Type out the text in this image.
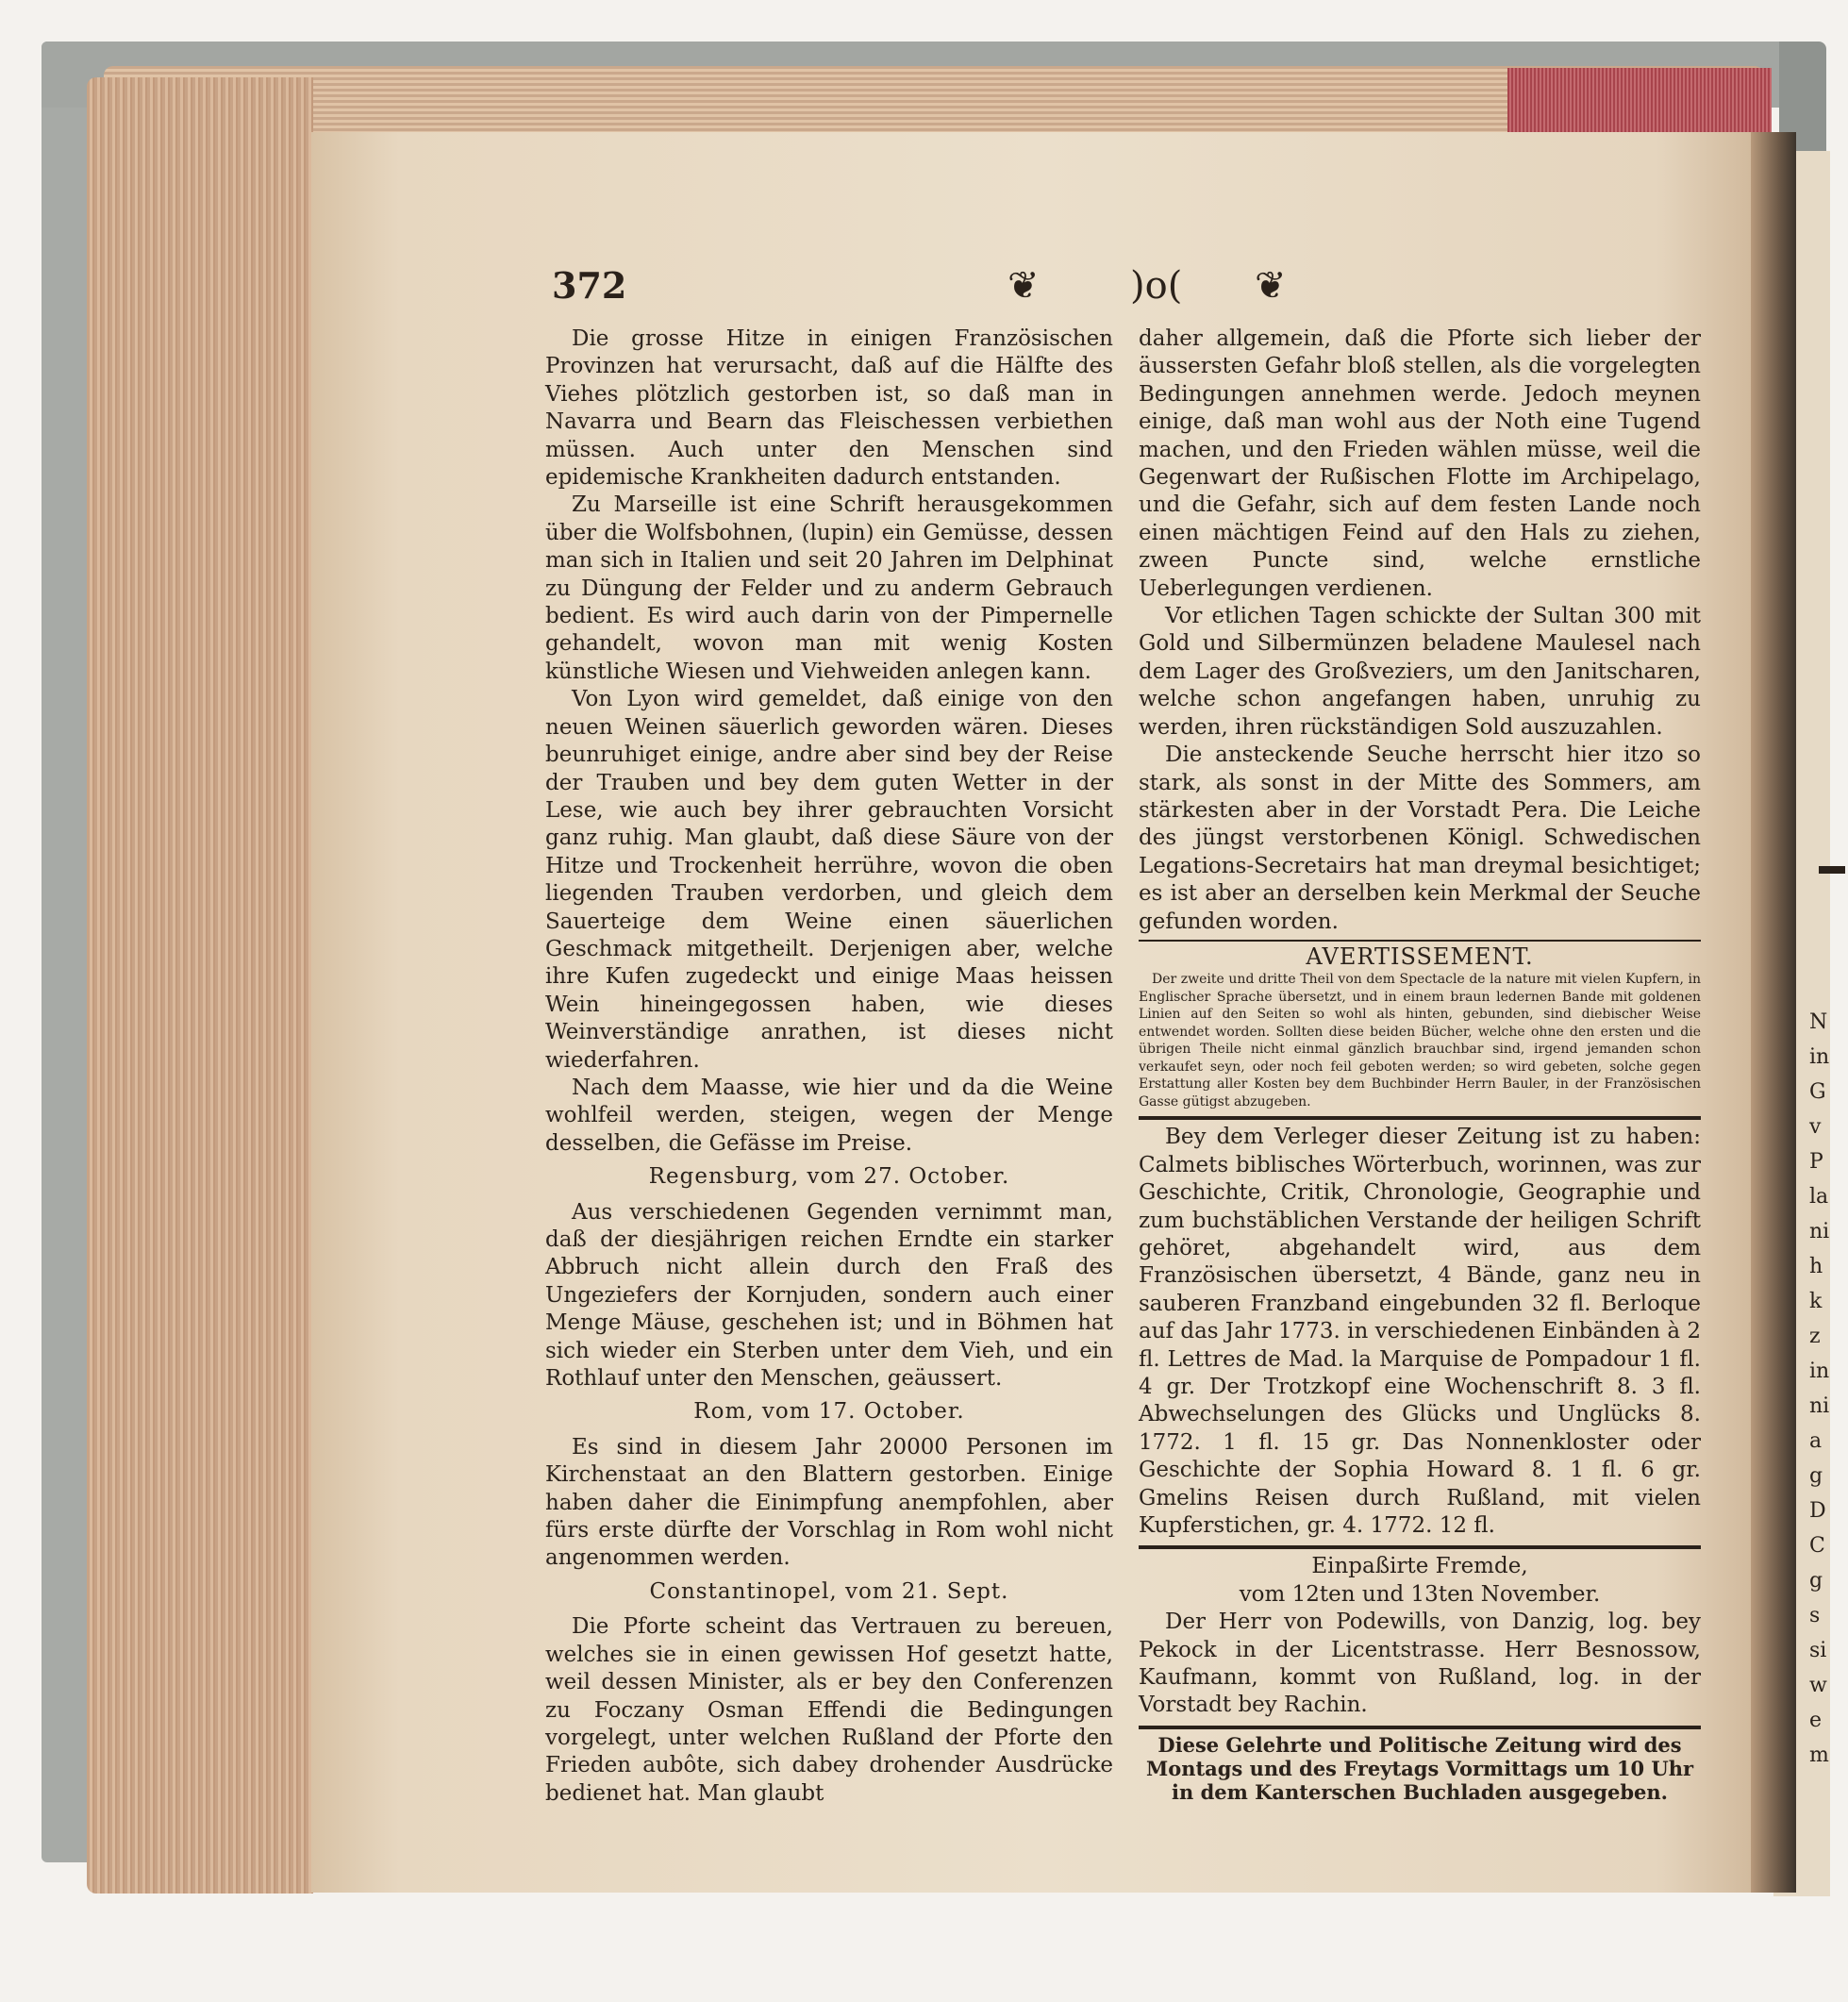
372	❦ )o( ❦

Die grosse Hitze in einigen Französischen Provinzen hat verursacht, daß auf die Hälfte des Viehes plötzlich gestorben ist, so daß man in Navarra und Bearn das Fleischessen verbiethen müssen. Auch unter den Menschen sind epidemische Krankheiten dadurch entstanden.

Zu Marseille ist eine Schrift herausgekommen über die Wolfsbohnen, (lupin) ein Gemüsse, dessen man sich in Italien und seit 20 Jahren im Delphinat zu Düngung der Felder und zu anderm Gebrauch bedient. Es wird auch darin von der Pimpernelle gehandelt, wovon man mit wenig Kosten künstliche Wiesen und Viehweiden anlegen kann.

Von Lyon wird gemeldet, daß einige von den neuen Weinen säuerlich geworden wären. Dieses beunruhiget einige, andre aber sind bey der Reise der Trauben und bey dem guten Wetter in der Lese, wie auch bey ihrer gebrauchten Vorsicht ganz ruhig. Man glaubt, daß diese Säure von der Hitze und Trockenheit herrühre, wovon die oben liegenden Trauben verdorben, und gleich dem Sauerteige dem Weine einen säuerlichen Geschmack mitgetheilt. Derjenigen aber, welche ihre Kufen zugedeckt und einige Maas heissen Wein hineingegossen haben, wie dieses Weinverständige anrathen, ist dieses nicht wiederfahren.

Nach dem Maasse, wie hier und da die Weine wohlfeil werden, steigen, wegen der Menge desselben, die Gefässe im Preise.

Regensburg, vom 27. October.

Aus verschiedenen Gegenden vernimmt man, daß der diesjährigen reichen Erndte ein starker Abbruch nicht allein durch den Fraß des Ungeziefers der Kornjuden, sondern auch einer Menge Mäuse, geschehen ist; und in Böhmen hat sich wieder ein Sterben unter dem Vieh, und ein Rothlauf unter den Menschen, geäussert.

Rom, vom 17. October.

Es sind in diesem Jahr 20000 Personen im Kirchenstaat an den Blattern gestorben. Einige haben daher die Einimpfung anempfohlen, aber fürs erste dürfte der Vorschlag in Rom wohl nicht angenommen werden.

Constantinopel, vom 21. Sept.

Die Pforte scheint das Vertrauen zu bereuen, welches sie in einen gewissen Hof gesetzt hatte, weil dessen Minister, als er bey den Conferenzen zu Foczany Osman Effendi die Bedingungen vorgelegt, unter welchen Rußland der Pforte den Frieden aubôte, sich dabey drohender Ausdrücke bedienet hat. Man glaubt

daher allgemein, daß die Pforte sich lieber der äussersten Gefahr bloß stellen, als die vorgelegten Bedingungen annehmen werde. Jedoch meynen einige, daß man wohl aus der Noth eine Tugend machen, und den Frieden wählen müsse, weil die Gegenwart der Rußischen Flotte im Archipelago, und die Gefahr, sich auf dem festen Lande noch einen mächtigen Feind auf den Hals zu ziehen, zween Puncte sind, welche ernstliche Ueberlegungen verdienen.

Vor etlichen Tagen schickte der Sultan 300 mit Gold und Silbermünzen beladene Maulesel nach dem Lager des Großveziers, um den Janitscharen, welche schon angefangen haben, unruhig zu werden, ihren rückständigen Sold auszuzahlen.

Die ansteckende Seuche herrscht hier itzo so stark, als sonst in der Mitte des Sommers, am stärkesten aber in der Vorstadt Pera. Die Leiche des jüngst verstorbenen Königl. Schwedischen Legations-Secretairs hat man dreymal besichtiget; es ist aber an derselben kein Merkmal der Seuche gefunden worden.

AVERTISSEMENT.

Der zweite und dritte Theil von dem Spectacle de la nature mit vielen Kupfern, in Englischer Sprache übersetzt, und in einem braun ledernen Bande mit goldenen Linien auf den Seiten so wohl als hinten, gebunden, sind diebischer Weise entwendet worden. Sollten diese beiden Bücher, welche ohne den ersten und die übrigen Theile nicht einmal gänzlich brauchbar sind, irgend jemanden schon verkaufet seyn, oder noch feil geboten werden; so wird gebeten, solche gegen Erstattung aller Kosten bey dem Buchbinder Herrn Bauler, in der Französischen Gasse gütigst abzugeben.

Bey dem Verleger dieser Zeitung ist zu haben: Calmets biblisches Wörterbuch, worinnen, was zur Geschichte, Critik, Chronologie, Geographie und zum buchstäblichen Verstande der heiligen Schrift gehöret, abgehandelt wird, aus dem Französischen übersetzt, 4 Bände, ganz neu in sauberen Franzband eingebunden 32 fl. Berloque auf das Jahr 1773. in verschiedenen Einbänden à 2 fl. Lettres de Mad. la Marquise de Pompadour 1 fl. 4 gr. Der Trotzkopf eine Wochenschrift 8. 3 fl. Abwechselungen des Glücks und Unglücks 8. 1772. 1 fl. 15 gr. Das Nonnenkloster oder Geschichte der Sophia Howard 8. 1 fl. 6 gr. Gmelins Reisen durch Rußland, mit vielen Kupferstichen, gr. 4. 1772. 12 fl.

Einpaßirte Fremde,

vom 12ten und 13ten November.

Der Herr von Podewills, von Danzig, log. bey Pekock in der Licentstrasse. Herr Besnossow, Kaufmann, kommt von Rußland, log. in der Vorstadt bey Rachin.

Diese Gelehrte und Politische Zeitung wird des Montags und des Freytags Vormittags um 10 Uhr in dem Kanterschen Buchladen ausgegeben.

N
in
G
v
P
la
ni
h
k
z
in
ni
a
g
D
C
g
s
si
w
e
m
